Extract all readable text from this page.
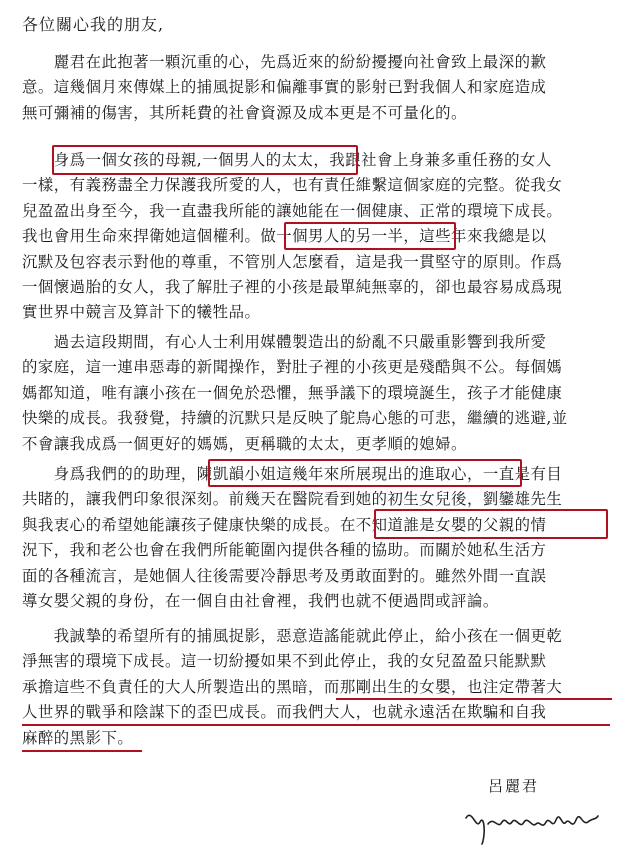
各位關心我的朋友,
　　麗君在此抱著一顆沉重的心，先爲近來的紛紛擾擾向社會致上最深的歉
意。這幾個月來傳媒上的捕風捉影和偏離事實的影射已對我個人和家庭造成
無可彌補的傷害，其所耗費的社會資源及成本更是不可量化的。
　　身爲一個女孩的母親,一個男人的太太，我跟社會上身兼多重任務的女人
一樣，有義務盡全力保護我所愛的人，也有責任維繫這個家庭的完整。從我女
兒盈盈出身至今，我一直盡我所能的讓她能在一個健康、正常的環境下成長。
我也會用生命來捍衛她這個權利。做一個男人的另一半，這些年來我總是以
沉默及包容表示對他的尊重，不管別人怎麼看，這是我一貫堅守的原則。作爲
一個懷過胎的女人，我了解肚子裡的小孩是最單純無辜的，卻也最容易成爲現
實世界中競言及算計下的犧牲品。
　　過去這段期間，有心人士利用媒體製造出的紛亂不只嚴重影響到我所愛
的家庭，這一連串惡毒的新聞操作，對肚子裡的小孩更是殘酷與不公。每個媽
媽都知道，唯有讓小孩在一個免於恐懼，無爭議下的環境誕生，孩子才能健康
快樂的成長。我發覺，持續的沉默只是反映了鴕鳥心態的可悲，繼續的逃避,並
不會讓我成爲一個更好的媽媽，更稱職的太太，更孝順的媳婦。
　　身爲我們的的助理，陳凱韻小姐這幾年來所展現出的進取心，一直是有目
共睹的，讓我們印象很深刻。前幾天在醫院看到她的初生女兒後，劉鑾雄先生
與我衷心的希望她能讓孩子健康快樂的成長。在不知道誰是女嬰的父親的情
況下，我和老公也會在我們所能範圍內提供各種的協助。而關於她私生活方
面的各種流言，是她個人往後需要冷靜思考及勇敢面對的。雖然外間一直誤
導女嬰父親的身份，在一個自由社會裡，我們也就不便過問或評論。
　　我誠摯的希望所有的捕風捉影，惡意造謠能就此停止，給小孩在一個更乾
淨無害的環境下成長。這一切紛擾如果不到此停止，我的女兒盈盈只能默默
承擔這些不負責任的大人所製造出的黑暗，而那剛出生的女嬰，也注定帶著大
人世界的戰爭和陰謀下的歪巴成長。而我們大人，也就永遠活在欺騙和自我
麻醉的黑影下。
呂麗君
